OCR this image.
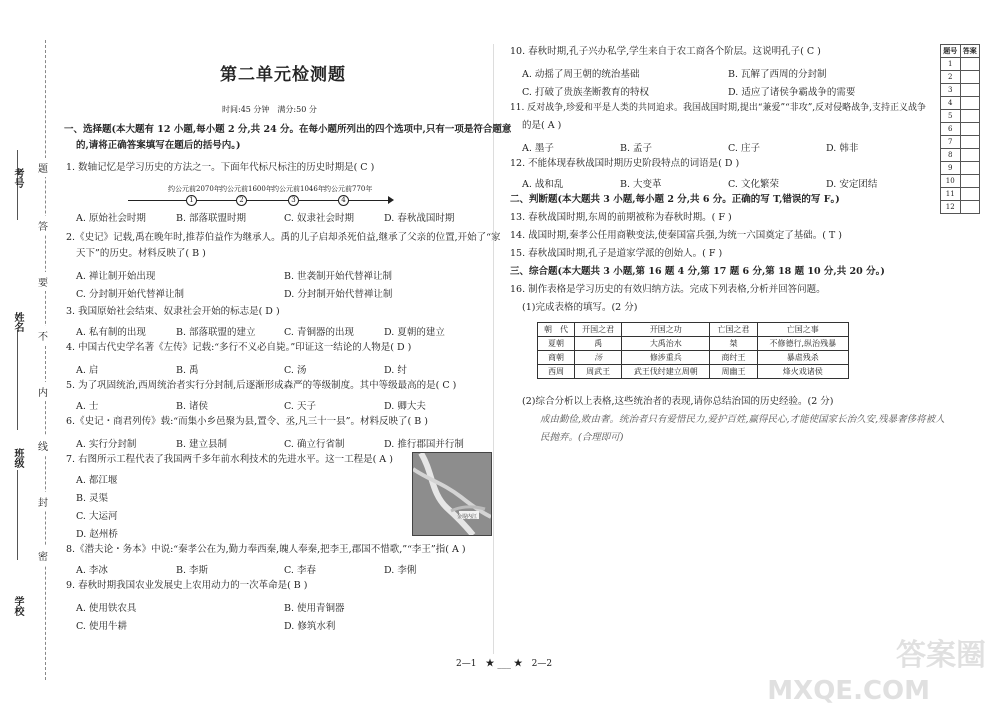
考号
姓名
班级
学校
题
答
要
不
内
线
封
密
第二单元检测题
时间:45 分钟　满分:50 分
一、选择题(本大题有 12 小题,每小题 2 分,共 24 分。在每小题所列出的四个选项中,只有一项是符合题意
的,请将正确答案填写在题后的括号内。)
1. 数轴记忆是学习历史的方法之一。下面年代标尺标注的历史时期是( C )
约公元前2070年 约公元前1600年 约公元前1046年 约公元前770年
1	2	3	4
A. 原始社会时期	B. 部落联盟时期	C. 奴隶社会时期	D. 春秋战国时期
2.《史记》记载,禹在晚年时,推荐伯益作为继承人。禹的儿子启却杀死伯益,继承了父亲的位置,开始了“家
天下”的历史。材料反映了( B )
A. 禅让制开始出现	B. 世袭制开始代替禅让制
C. 分封制开始代替禅让制	D. 分封制开始代替禅让制
3. 我国原始社会结束、奴隶社会开始的标志是( D )
A. 私有制的出现	B. 部落联盟的建立	C. 青铜器的出现	D. 夏朝的建立
4. 中国古代史学名著《左传》记载:“多行不义必自毙。”印证这一结论的人物是( D )
A. 启	B. 禹	C. 汤	D. 纣
5. 为了巩固统治,西周统治者实行分封制,后逐渐形成森严的等级制度。其中等级最高的是( C )
A. 士	B. 诸侯	C. 天子	D. 卿大夫
6.《史记・商君列传》载:“而集小乡邑聚为县,置令、丞,凡三十一县”。材料反映了( B )
A. 实行分封制	B. 建立县制	C. 确立行省制	D. 推行郡国并行制
7. 右图所示工程代表了我国两千多年前水利技术的先进水平。这一工程是( A )
A. 都江堰
B. 灵渠
C. 大运河
D. 赵州桥
金堤内江
8.《潜夫论・务本》中说:“秦孝公在为,勤力奉西秦,魄人奉秦,把李王,郡国不惜歌,”“李王”指( A )
A. 李冰	B. 李斯	C. 李春	D. 李俐
9. 春秋时期我国农业发展史上农用动力的一次革命是( B )
A. 使用铁农具	B. 使用青铜器
C. 使用牛耕	D. 修筑水利
10. 春秋时期,孔子兴办私学,学生来自于农工商各个阶层。这说明孔子( C )
A. 动摇了周王朝的统治基础	B. 瓦解了西周的分封制
C. 打破了贵族垄断教育的特权	D. 适应了诸侯争霸战争的需要
11. 反对战争,珍爱和平是人类的共同追求。我国战国时期,提出“兼爱”“非攻”,反对侵略战争,支持正义战争
的是( A )
A. 墨子	B. 孟子	C. 庄子	D. 韩非
12. 不能体现春秋战国时期历史阶段特点的词语是( D )
A. 战和乱	B. 大变革	C. 文化繁荣	D. 安定团结
二、判断题(本大题共 3 小题,每小题 2 分,共 6 分。正确的写 T,错误的写 F。)
13. 春秋战国时期,东周的前期被称为春秋时期。( F )
14. 战国时期,秦孝公任用商鞅变法,使秦国富兵强,为统一六国奠定了基础。( T )
15. 春秋战国时期,孔子是道家学派的创始人。( F )
三、综合题(本大题共 3 小题,第 16 题 4 分,第 17 题 6 分,第 18 题 10 分,共 20 分。)
16. 制作表格是学习历史的有效归纳方法。完成下列表格,分析并回答问题。
(1)完成表格的填写。(2 分)
朝　代	开国之君	开国之功	亡国之君	亡国之事
夏朝	禹	大禹治水	桀	不修德行,纵治残暴
商朝	汤	修涉重兵	商纣王	暴虐残杀
西周	周武王	武王伐纣建立周朝	周幽王	烽火戏诸侯
(2)综合分析以上表格,这些统治者的表现,请你总结治国的历史经验。(2 分)
成由勤俭,败由奢。统治者只有爱惜民力,爱护百姓,赢得民心,才能使国家长治久安,残暴奢侈将被人
民抛弃。(合理即可)
题号	答案
1	
2	
3	
4	
5	
6	
7	
8	
9	
10	
11	
12	
2—1　★ ___ ★　2—2	答案圈
MXQE.COM
